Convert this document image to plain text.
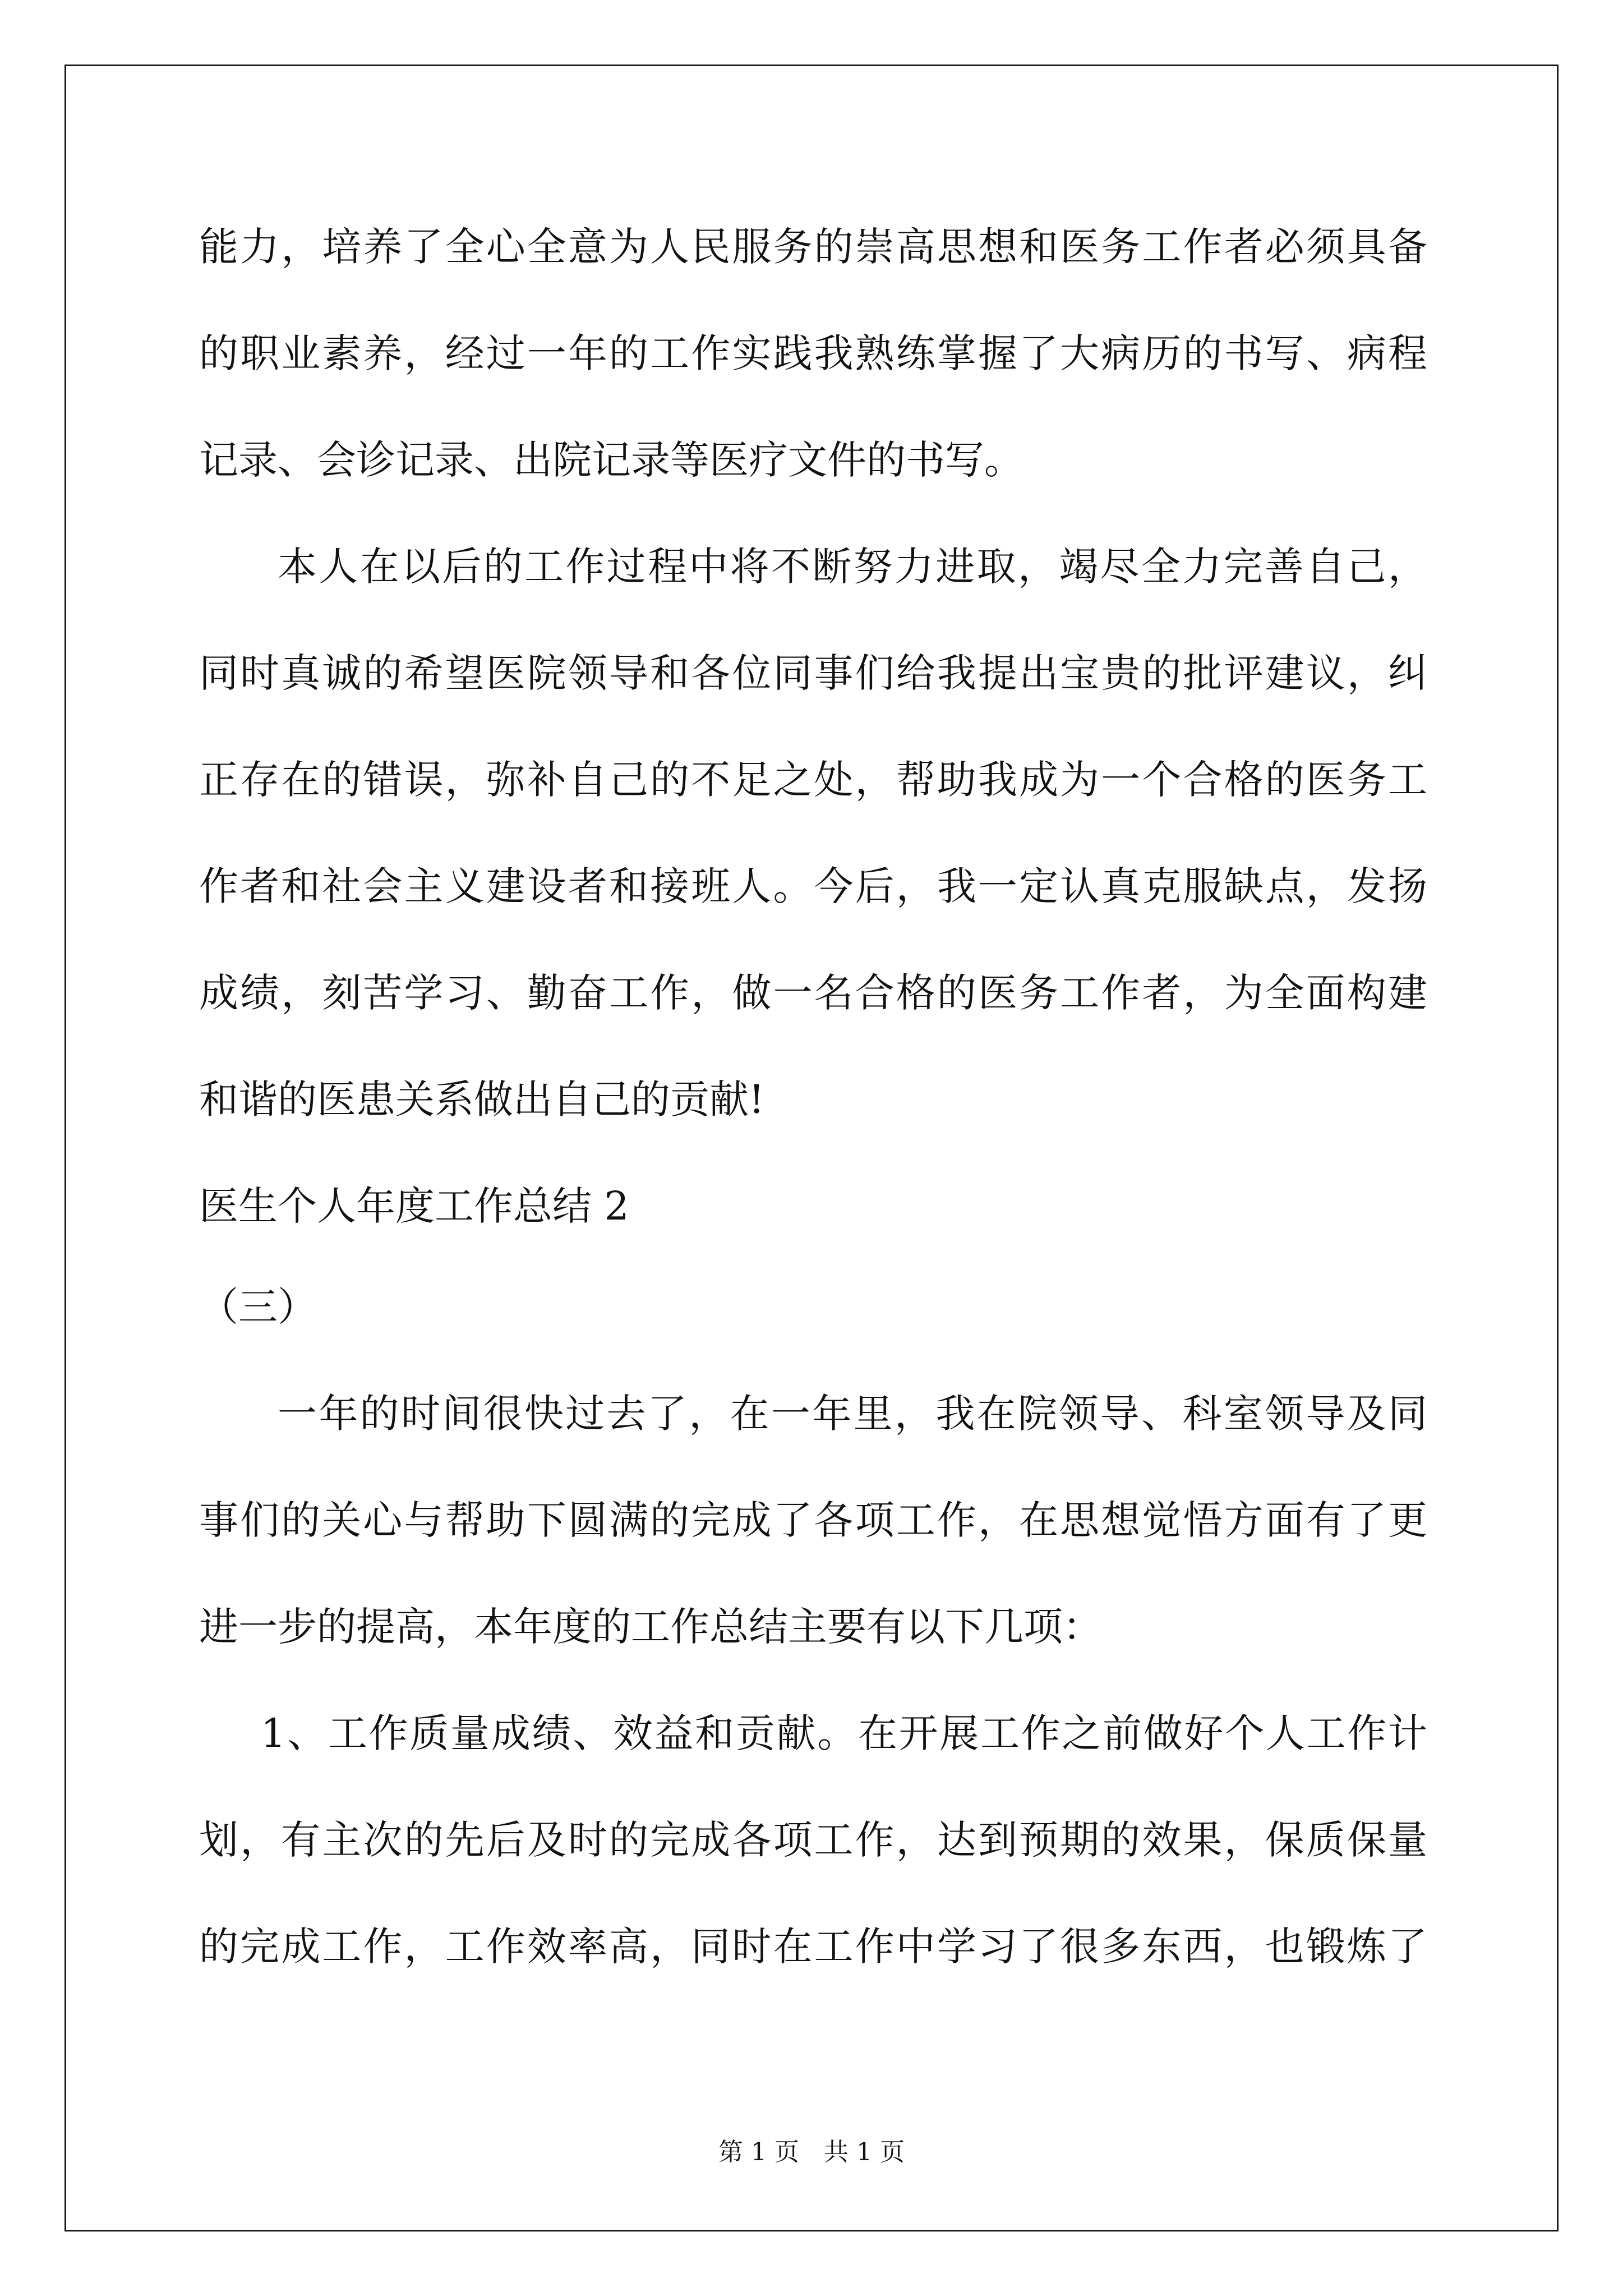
能力，培养了全心全意为人民服务的崇高思想和医务工作者必须具备
的职业素养，经过一年的工作实践我熟练掌握了大病历的书写、病程
记录、会诊记录、出院记录等医疗文件的书写。
本人在以后的工作过程中将不断努力进取，竭尽全力完善自己，
同时真诚的希望医院领导和各位同事们给我提出宝贵的批评建议，纠
正存在的错误，弥补自己的不足之处，帮助我成为一个合格的医务工
作者和社会主义建设者和接班人。今后，我一定认真克服缺点，发扬
成绩，刻苦学习、勤奋工作，做一名合格的医务工作者，为全面构建
和谐的医患关系做出自己的贡献!
医生个人年度工作总结 2
（三）
一年的时间很快过去了，在一年里，我在院领导、科室领导及同
事们的关心与帮助下圆满的完成了各项工作，在思想觉悟方面有了更
进一步的提高，本年度的工作总结主要有以下几项：
1、工作质量成绩、效益和贡献。在开展工作之前做好个人工作计
划，有主次的先后及时的完成各项工作，达到预期的效果，保质保量
的完成工作，工作效率高，同时在工作中学习了很多东西，也锻炼了
第 1 页　共 1 页
